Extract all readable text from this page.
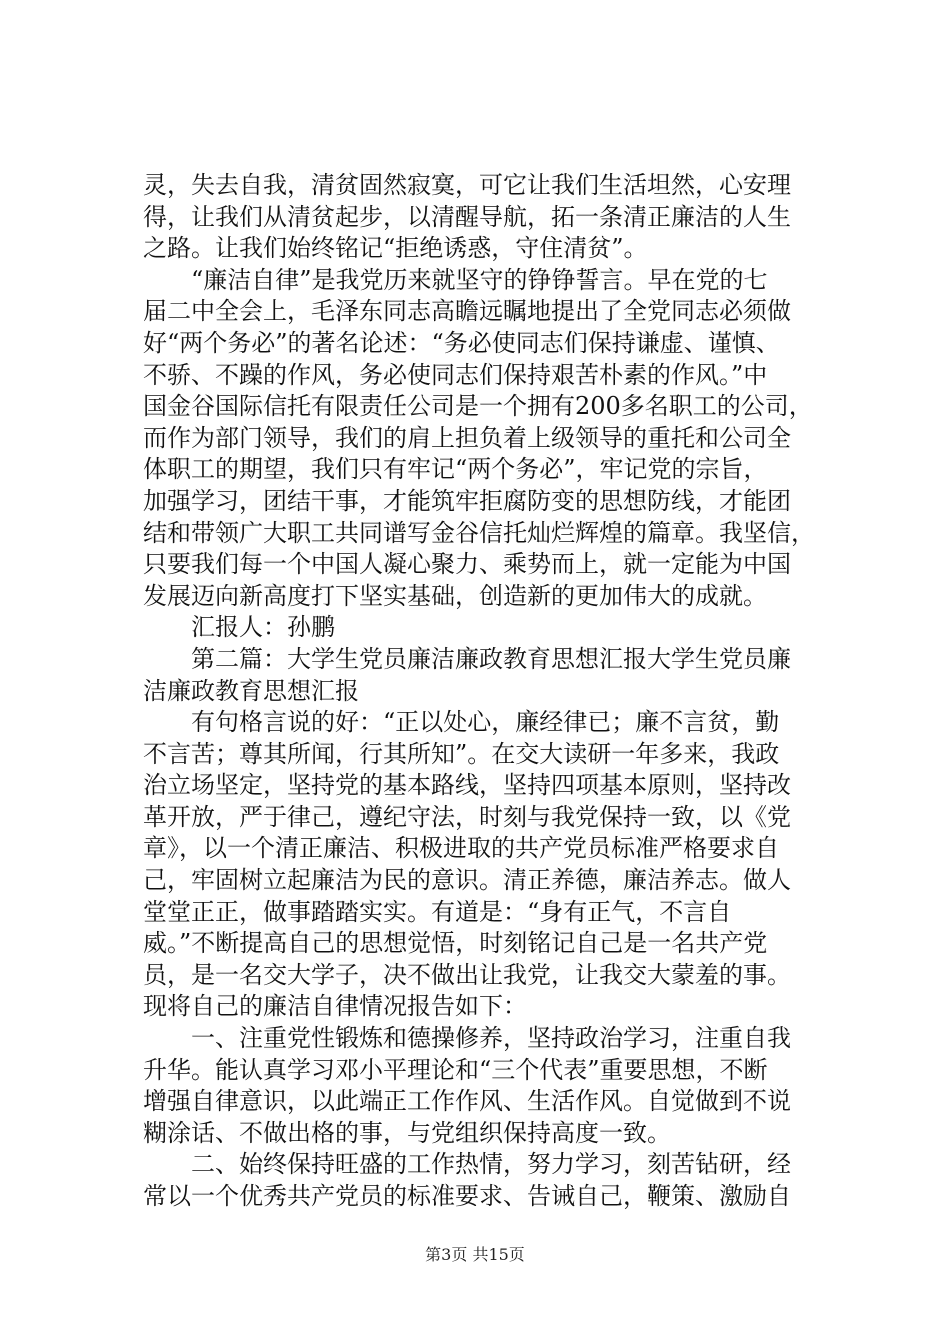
灵，失去自我，清贫固然寂寞，可它让我们生活坦然，心安理
得，让我们从清贫起步，以清醒导航，拓一条清正廉洁的人生
之路。让我们始终铭记“拒绝诱惑，守住清贫”。
　　“廉洁自律”是我党历来就坚守的铮铮誓言。早在党的七
届二中全会上，毛泽东同志高瞻远瞩地提出了全党同志必须做
好“两个务必”的著名论述：“务必使同志们保持谦虚、谨慎、
不骄、不躁的作风，务必使同志们保持艰苦朴素的作风。”中
国金谷国际信托有限责任公司是一个拥有200多名职工的公司，
而作为部门领导，我们的肩上担负着上级领导的重托和公司全
体职工的期望，我们只有牢记“两个务必”，牢记党的宗旨，
加强学习，团结干事，才能筑牢拒腐防变的思想防线，才能团
结和带领广大职工共同谱写金谷信托灿烂辉煌的篇章。我坚信，
只要我们每一个中国人凝心聚力、乘势而上，就一定能为中国
发展迈向新高度打下坚实基础，创造新的更加伟大的成就。
　　汇报人：孙鹏
　　第二篇：大学生党员廉洁廉政教育思想汇报大学生党员廉
洁廉政教育思想汇报
　　有句格言说的好：“正以处心，廉经律已；廉不言贫，勤
不言苦；尊其所闻，行其所知”。在交大读研一年多来，我政
治立场坚定，坚持党的基本路线，坚持四项基本原则，坚持改
革开放，严于律己，遵纪守法，时刻与我党保持一致，以《党
章》，以一个清正廉洁、积极进取的共产党员标准严格要求自
己，牢固树立起廉洁为民的意识。清正养德，廉洁养志。做人
堂堂正正，做事踏踏实实。有道是：“身有正气，不言自
威。”不断提高自己的思想觉悟，时刻铭记自己是一名共产党
员，是一名交大学子，决不做出让我党，让我交大蒙羞的事。
现将自己的廉洁自律情况报告如下：
　　一、注重党性锻炼和德操修养，坚持政治学习，注重自我
升华。能认真学习邓小平理论和“三个代表”重要思想，不断
增强自律意识，以此端正工作作风、生活作风。自觉做到不说
糊涂话、不做出格的事，与党组织保持高度一致。
　　二、始终保持旺盛的工作热情，努力学习，刻苦钻研，经
常以一个优秀共产党员的标准要求、告诫自己，鞭策、激励自
第3页 共15页
